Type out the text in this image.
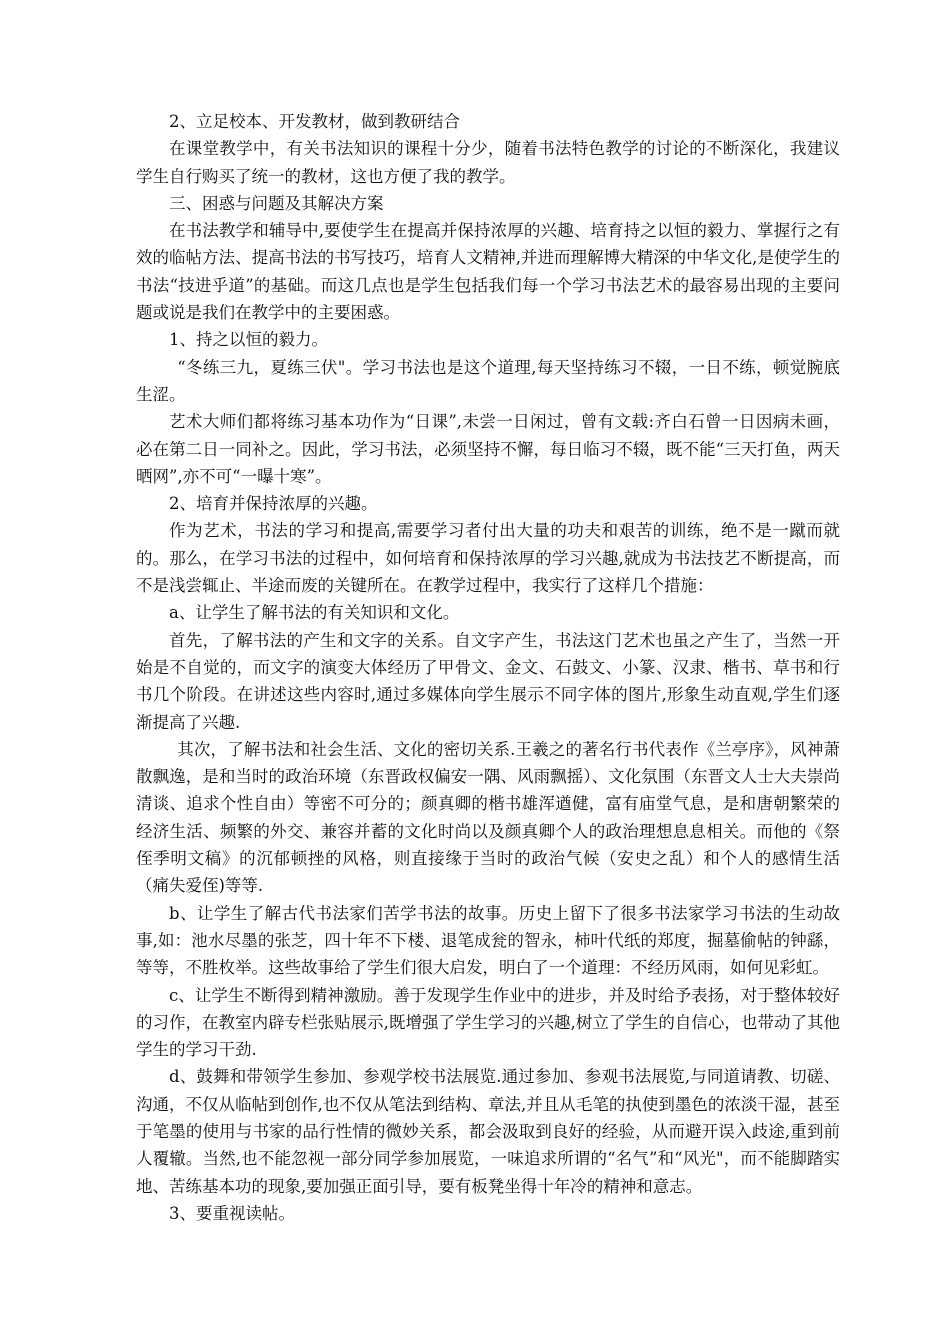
2、立足校本、开发教材，做到教研结合

在课堂教学中，有关书法知识的课程十分少，随着书法特色教学的讨论的不断深化，我建议学生自行购买了统一的教材，这也方便了我的教学。

三、困惑与问题及其解决方案

在书法教学和辅导中,要使学生在提高并保持浓厚的兴趣、培育持之以恒的毅力、掌握行之有效的临帖方法、提高书法的书写技巧，培育人文精神,并进而理解博大精深的中华文化,是使学生的书法“技进乎道”的基础。而这几点也是学生包括我们每一个学习书法艺术的最容易出现的主要问题或说是我们在教学中的主要困惑。

1、持之以恒的毅力。

“冬练三九，夏练三伏"。学习书法也是这个道理,每天坚持练习不辍，一日不练，顿觉腕底生涩。

艺术大师们都将练习基本功作为“日课”,未尝一日闲过，曾有文载:齐白石曾一日因病未画，必在第二日一同补之。因此，学习书法，必须坚持不懈，每日临习不辍，既不能“三天打鱼，两天晒网”,亦不可“一曝十寒”。

2、培育并保持浓厚的兴趣。

作为艺术，书法的学习和提高,需要学习者付出大量的功夫和艰苦的训练，绝不是一蹴而就的。那么，在学习书法的过程中，如何培育和保持浓厚的学习兴趣,就成为书法技艺不断提高，而不是浅尝辄止、半途而废的关键所在。在教学过程中，我实行了这样几个措施：

a、让学生了解书法的有关知识和文化。

首先，了解书法的产生和文字的关系。自文字产生，书法这门艺术也虽之产生了，当然一开始是不自觉的，而文字的演变大体经历了甲骨文、金文、石鼓文、小篆、汉隶、楷书、草书和行书几个阶段。在讲述这些内容时,通过多媒体向学生展示不同字体的图片,形象生动直观,学生们逐渐提高了兴趣.

其次，了解书法和社会生活、文化的密切关系.王羲之的著名行书代表作《兰亭序》，风神萧散飘逸，是和当时的政治环境（东晋政权偏安一隅、风雨飘摇）、文化氛围（东晋文人士大夫崇尚清谈、追求个性自由）等密不可分的；颜真卿的楷书雄浑遒健，富有庙堂气息，是和唐朝繁荣的经济生活、频繁的外交、兼容并蓄的文化时尚以及颜真卿个人的政治理想息息相关。而他的《祭侄季明文稿》的沉郁顿挫的风格，则直接缘于当时的政治气候（安史之乱）和个人的感情生活（痛失爱侄)等等.

b、让学生了解古代书法家们苦学书法的故事。历史上留下了很多书法家学习书法的生动故事,如：池水尽墨的张芝，四十年不下楼、退笔成瓮的智永，柿叶代纸的郑度，掘墓偷帖的钟繇，等等，不胜枚举。这些故事给了学生们很大启发，明白了一个道理：不经历风雨，如何见彩虹。

c、让学生不断得到精神激励。善于发现学生作业中的进步，并及时给予表扬，对于整体较好的习作，在教室内辟专栏张贴展示,既增强了学生学习的兴趣,树立了学生的自信心，也带动了其他学生的学习干劲.

d、鼓舞和带领学生参加、参观学校书法展览.通过参加、参观书法展览,与同道请教、切磋、沟通，不仅从临帖到创作,也不仅从笔法到结构、章法,并且从毛笔的执使到墨色的浓淡干湿，甚至于笔墨的使用与书家的品行性情的微妙关系，都会汲取到良好的经验，从而避开误入歧途,重到前人覆辙。当然,也不能忽视一部分同学参加展览，一味追求所谓的“名气”和“风光"，而不能脚踏实地、苦练基本功的现象,要加强正面引导，要有板凳坐得十年冷的精神和意志。

3、要重视读帖。
